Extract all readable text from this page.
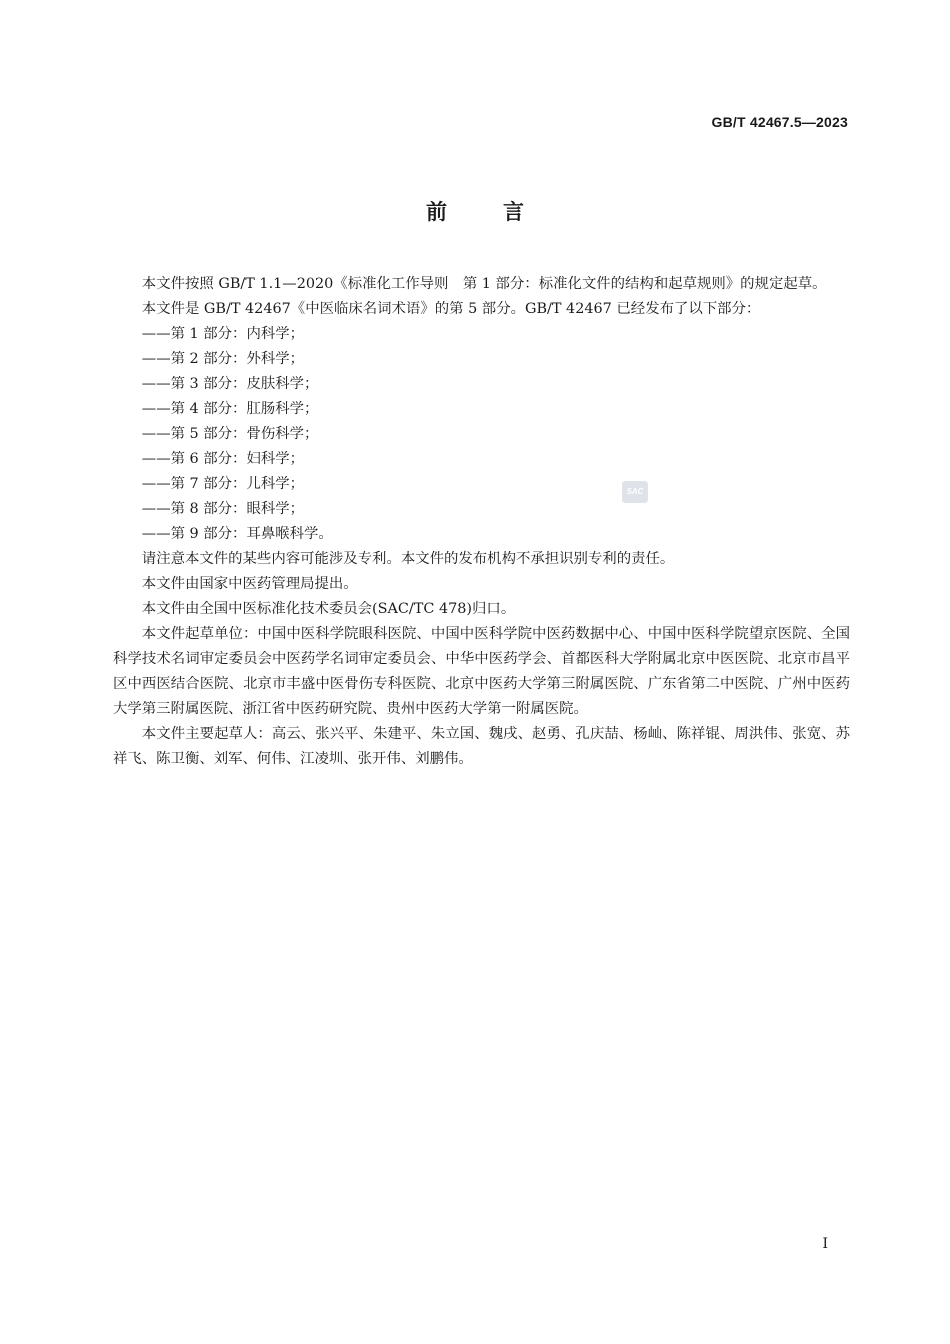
GB/T 42467.5—2023
前言

本文件按照 GB/T 1.1—2020《标准化工作导则　第 1 部分：标准化文件的结构和起草规则》的规定起草。

本文件是 GB/T 42467《中医临床名词术语》的第 5 部分。GB/T 42467 已经发布了以下部分：

——第 1 部分：内科学；

——第 2 部分：外科学；

——第 3 部分：皮肤科学；

——第 4 部分：肛肠科学；

——第 5 部分：骨伤科学；

——第 6 部分：妇科学；

——第 7 部分：儿科学；

——第 8 部分：眼科学；

——第 9 部分：耳鼻喉科学。

请注意本文件的某些内容可能涉及专利。本文件的发布机构不承担识别专利的责任。

本文件由国家中医药管理局提出。

本文件由全国中医标准化技术委员会(SAC/TC 478)归口。

本文件起草单位：中国中医科学院眼科医院、中国中医科学院中医药数据中心、中国中医科学院望京医院、全国科学技术名词审定委员会中医药学名词审定委员会、中华中医药学会、首都医科大学附属北京中医医院、北京市昌平区中西医结合医院、北京市丰盛中医骨伤专科医院、北京中医药大学第三附属医院、广东省第二中医院、广州中医药大学第三附属医院、浙江省中医药研究院、贵州中医药大学第一附属医院。

本文件主要起草人：高云、张兴平、朱建平、朱立国、魏戌、赵勇、孔庆喆、杨屾、陈祥锟、周洪伟、张宽、苏祥飞、陈卫衡、刘军、何伟、江凌圳、张开伟、刘鹏伟。

SAC
I
